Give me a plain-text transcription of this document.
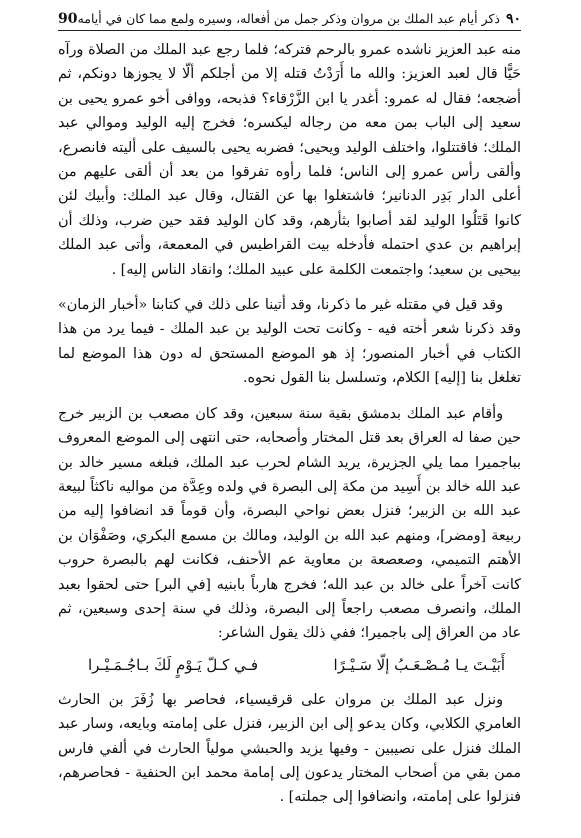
٩٠
ذكر أيام عبد الملك بن مروان وذكر جمل من أفعاله، وسيره ولمع مما كان في أيامه
90

منه عبد العزيز ناشده عمرو بالرحم فتركه؛ فلما رجع عبد الملك من الصلاة ورآه حَيًّا قال لعبد العزيز: والله ما أَرَدْتُ قتله إلا من أجلكم ألّا لا يجوزها دونكم، ثم أضجعه؛ فقال له عمرو: أغدر يا ابن الزَّرْقاء؟ فذبحه، ووافى أخو عمرو يحيى بن سعيد إلى الباب بمن معه من رجاله ليكسره؛ فخرج إليه الوليد وموالي عبد الملك؛ فاقتتلوا، واختلف الوليد ويحيى؛ فضربه يحيى بالسيف على أليته فانصرع، وألقى رأس عمرو إلى الناس؛ فلما رأوه تفرقوا من بعد أن ألقى عليهم من أعلى الدار بَدِر الدنانير؛ فاشتغلوا بها عن القتال، وقال عبد الملك: وأبيك لئن كانوا قَتَلُوا الوليد لقد أصابوا بثأرهم، وقد كان الوليد فقد حين ضرب، وذلك أن إبراهيم بن عدي احتمله فأدخله بيت القراطيس في المعمعة، وأتى عبد الملك بيحيى بن سعيد؛ واجتمعت الكلمة على عبيد الملك؛ وانقاد الناس إليه] .

وقد قيل في مقتله غير ما ذكرنا، وقد أتينا على ذلك في كتابنا «أخبار الزمان» وقد ذكرنا شعر أخته فيه - وكانت تحت الوليد بن عبد الملك - فيما يرد من هذا الكتاب في أخبار المنصور؛ إذ هو الموضع المستحق له دون هذا الموضع لما تغلغل بنا [إليه] الكلام، وتسلسل بنا القول نحوه.

وأقام عبد الملك بدمشق بقية سنة سبعين، وقد كان مصعب بن الزبير خرج حين صفا له العراق بعد قتل المختار وأصحابه، حتى انتهى إلى الموضع المعروف بباجميرا مما يلي الجزيرة، يريد الشام لحرب عبد الملك، فبلغه مسير خالد بن عبد الله خالد بن أَسِيد من مكة إلى البصرة في ولده وعِدَّة من مواليه ناكثاً لبيعة عبد الله بن الزبير؛ فنزل بعض نواحي البصرة، وأن قوماً قد انضافوا إليه من ربيعة [ومضر]، ومنهم عبد الله بن الوليد، ومالك بن مسمع البكري، وصَفْوَان بن الأهتم التميمي، وصعصعة بن معاوية عم الأحنف، فكانت لهم بالبصرة حروب كانت آخراً على خالد بن عبد الله؛ فخرج هارباً بابنيه [في البر] حتى لحقوا بعبد الملك، وانصرف مصعب راجعاً إلى البصرة، وذلك في سنة إحدى وسبعين، ثم عاد من العراق إلى باجميرا؛ ففي ذلك يقول الشاعر:

أَبَيْـتَ يـا مُـصْـعَـبُ إلّا سَـيْـرًا
فـي كـلّ يَـوْمٍ لَكَ بـاجُـمَـيْـرا

ونزل عبد الملك بن مروان على قرقيسياء، فحاصر بها زُفَرَ بن الحارث العامري الكلابي، وكان يدعو إلى ابن الزبير، فنزل على إمامته وبايعه، وسار عبد الملك فنزل على نصيبين - وفيها يزيد والحبشي مولياً الحارث في ألفي فارس ممن بقي من أصحاب المختار يدعون إلى إمامة محمد ابن الحنفية - فحاصرهم، فنزلوا على إمامته، وانضافوا إلى جملته] .
